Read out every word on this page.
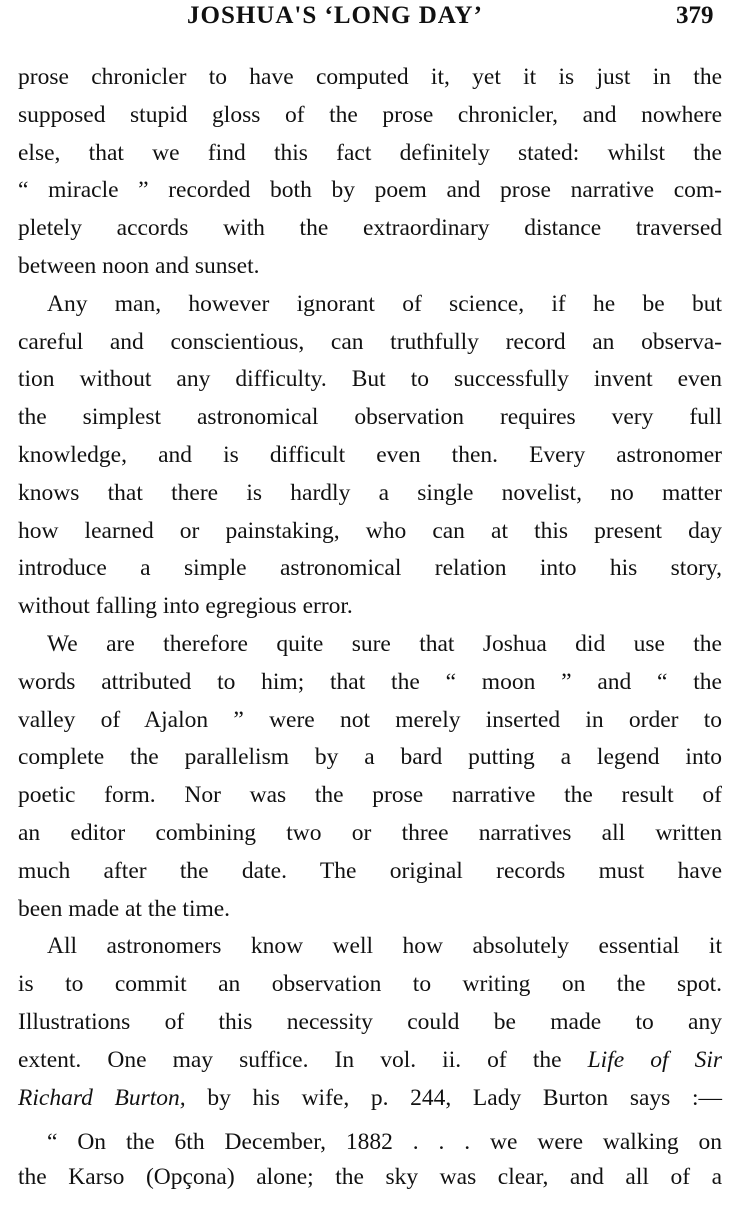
JOSHUA'S ‘LONG DAY’	379
prose chronicler to have computed it, yet it is just in the
supposed stupid gloss of the prose chronicler, and nowhere
else, that we find this fact definitely stated: whilst the
“ miracle ” recorded both by poem and prose narrative com-
pletely accords with the extraordinary distance traversed
between noon and sunset.
Any man, however ignorant of science, if he be but
careful and conscientious, can truthfully record an observa-
tion without any difficulty. But to successfully invent even
the simplest astronomical observation requires very full
knowledge, and is difficult even then. Every astronomer
knows that there is hardly a single novelist, no matter
how learned or painstaking, who can at this present day
introduce a simple astronomical relation into his story,
without falling into egregious error.
We are therefore quite sure that Joshua did use the
words attributed to him; that the “ moon ” and “ the
valley of Ajalon ” were not merely inserted in order to
complete the parallelism by a bard putting a legend into
poetic form. Nor was the prose narrative the result of
an editor combining two or three narratives all written
much after the date. The original records must have
been made at the time.
All astronomers know well how absolutely essential it
is to commit an observation to writing on the spot.
Illustrations of this necessity could be made to any
extent. One may suffice. In vol. ii. of the Life of Sir
Richard Burton, by his wife, p. 244, Lady Burton says :—
“ On the 6th December, 1882 . . . we were walking on
the Karso (Opçona) alone; the sky was clear, and all of a
